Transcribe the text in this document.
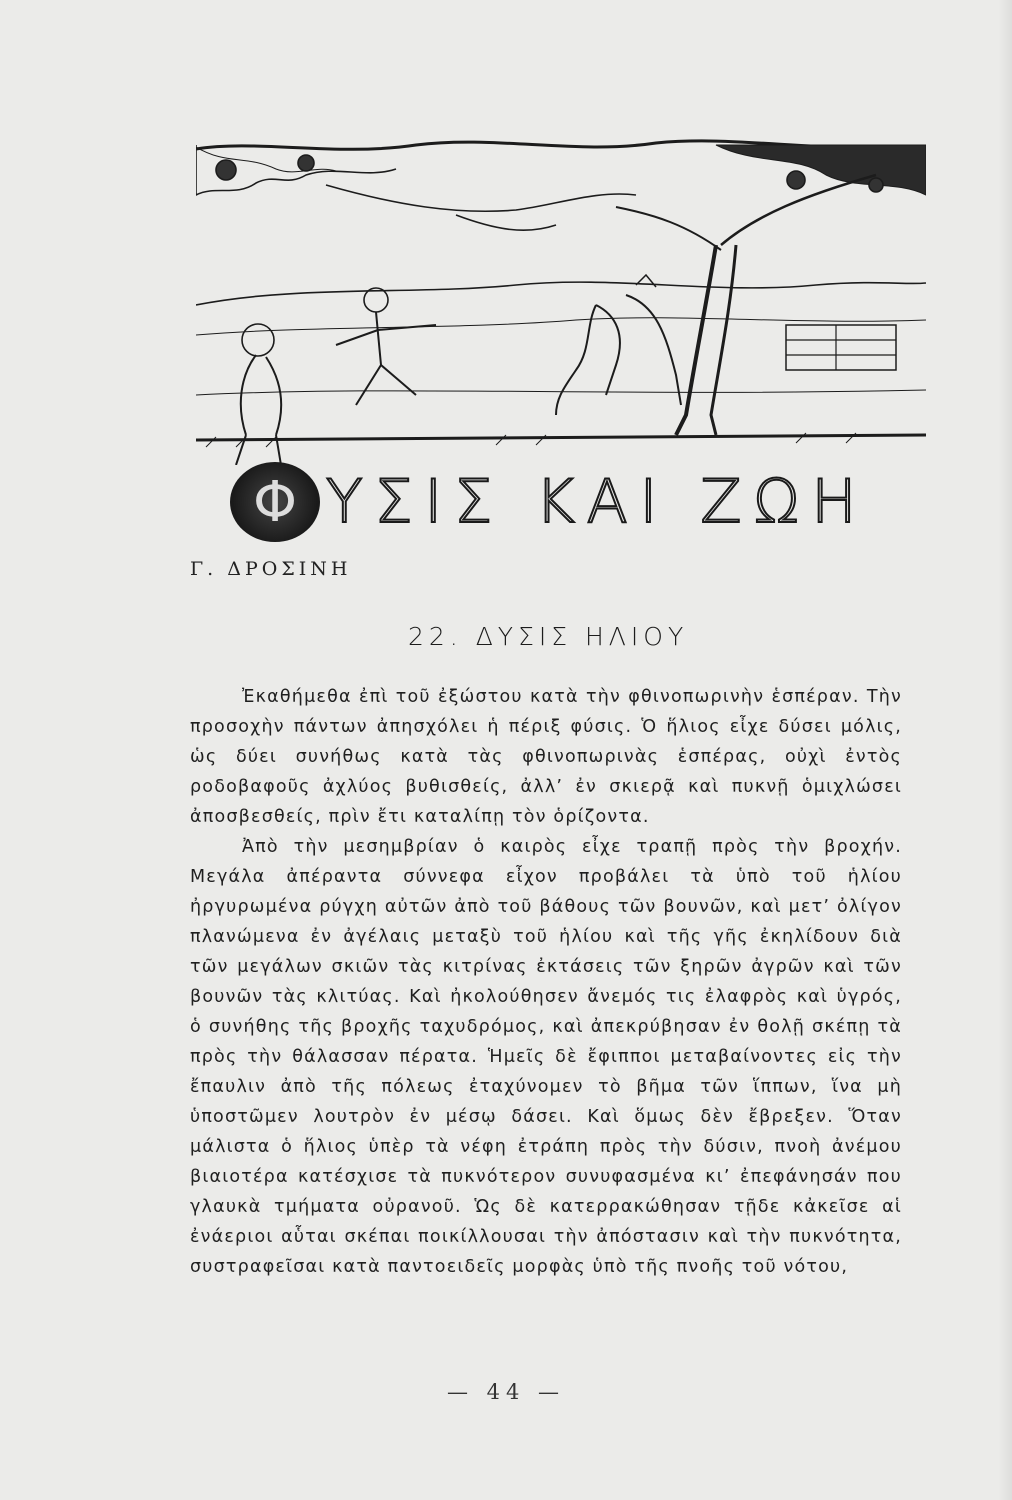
Φ ΥΣΙΣ ΚΑΙ ΖΩΗ
Γ. ΔΡΟΣΙΝΗ
22. ΔΥΣΙΣ ΗΛΙΟΥ

Ἐκαθήμεθα ἐπὶ τοῦ ἐξώστου κατὰ τὴν φθινοπωρινὴν ἑσπέραν. Τὴν προσοχὴν πάντων ἀπησχόλει ἡ πέριξ φύσις. Ὁ ἥλιος εἶχε δύσει μόλις, ὡς δύει συνήθως κατὰ τὰς φθινοπωρινὰς ἑσπέρας, οὐχὶ ἐντὸς ροδοβαφοῦς ἀχλύος βυθισθείς, ἀλλ’ ἐν σκιερᾷ καὶ πυκνῇ ὁμιχλώσει ἀποσβεσθείς, πρὶν ἔτι καταλίπῃ τὸν ὁρίζοντα.

Ἀπὸ τὴν μεσημβρίαν ὁ καιρὸς εἶχε τραπῇ πρὸς τὴν βροχήν. Μεγάλα ἀπέραντα σύννεφα εἶχον προβάλει τὰ ὑπὸ τοῦ ἡλίου ἠργυρωμένα ρύγχη αὐτῶν ἀπὸ τοῦ βάθους τῶν βουνῶν, καὶ μετ’ ὀλίγον πλανώμενα ἐν ἀγέλαις μεταξὺ τοῦ ἡλίου καὶ τῆς γῆς ἐκηλίδουν διὰ τῶν μεγάλων σκιῶν τὰς κιτρίνας ἐκτάσεις τῶν ξηρῶν ἀγρῶν καὶ τῶν βουνῶν τὰς κλιτύας. Καὶ ἠκολούθησεν ἄνεμός τις ἐλαφρὸς καὶ ὑγρός, ὁ συνήθης τῆς βροχῆς ταχυδρόμος, καὶ ἀπεκρύβησαν ἐν θολῇ σκέπῃ τὰ πρὸς τὴν θάλασσαν πέρατα. Ἡμεῖς δὲ ἔφιπποι μεταβαίνοντες εἰς τὴν ἔπαυλιν ἀπὸ τῆς πόλεως ἐταχύνομεν τὸ βῆμα τῶν ἵππων, ἵνα μὴ ὑποστῶμεν λουτρὸν ἐν μέσῳ δάσει. Καὶ ὅμως δὲν ἔβρεξεν. Ὅταν μάλιστα ὁ ἥλιος ὑπὲρ τὰ νέφη ἐτράπη πρὸς τὴν δύσιν, πνοὴ ἀνέμου βιαιοτέρα κατέσχισε τὰ πυκνότερον συνυφασμένα κι’ ἐπεφάνησάν που γλαυκὰ τμήματα οὐρανοῦ. Ὡς δὲ κατερρακώθησαν τῇδε κἀκεῖσε αἱ ἐνάεριοι αὗται σκέπαι ποικίλλουσαι τὴν ἀπόστασιν καὶ τὴν πυκνότητα, συστραφεῖσαι κατὰ παντοειδεῖς μορφὰς ὑπὸ τῆς πνοῆς τοῦ νότου,

— 44 —
